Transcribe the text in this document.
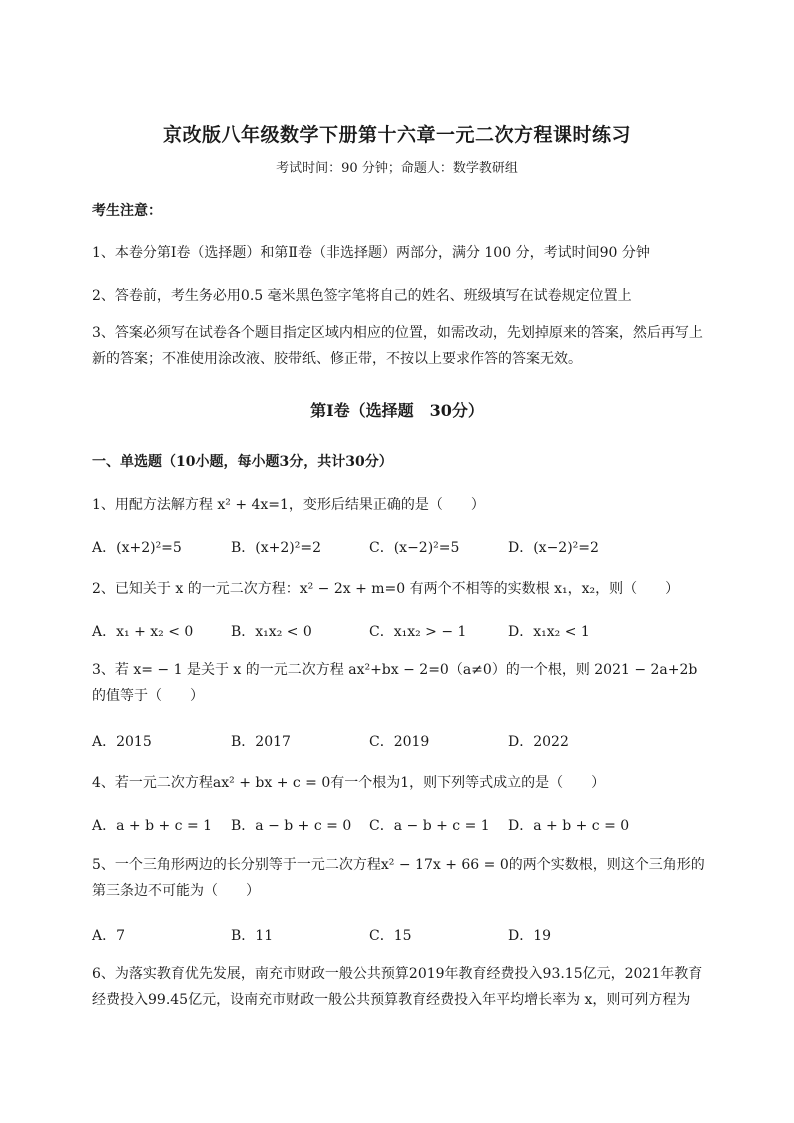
京改版八年级数学下册第十六章一元二次方程课时练习
考试时间：90 分钟；命题人：数学教研组
考生注意：
1、本卷分第Ⅰ卷（选择题）和第Ⅱ卷（非选择题）两部分，满分 100 分，考试时间90 分钟
2、答卷前，考生务必用0.5 毫米黑色签字笔将自己的姓名、班级填写在试卷规定位置上
3、答案必须写在试卷各个题目指定区域内相应的位置，如需改动，先划掉原来的答案，然后再写上新的答案；不准使用涂改液、胶带纸、修正带，不按以上要求作答的答案无效。
第Ⅰ卷（选择题　30分）
一、单选题（10小题，每小题3分，共计30分）
1、用配方法解方程 x² + 4x=1，变形后结果正确的是（　　）
A．(x+2)²=5	B．(x+2)²=2	C．(x−2)²=5	D．(x−2)²=2
2、已知关于 x 的一元二次方程：x² − 2x + m=0 有两个不相等的实数根 x₁，x₂，则（　　）
A．x₁ + x₂ < 0	B．x₁x₂ < 0	C．x₁x₂ > − 1	D．x₁x₂ < 1
3、若 x= − 1 是关于 x 的一元二次方程 ax²+bx − 2=0（a≠0）的一个根，则 2021 − 2a+2b 的值等于（　　）
A．2015	B．2017	C．2019	D．2022
4、若一元二次方程ax² + bx + c = 0有一个根为1，则下列等式成立的是（　　）
A．a + b + c = 1 B．a − b + c = 0 C．a − b + c = 1 D．a + b + c = 0
5、一个三角形两边的长分别等于一元二次方程x² − 17x + 66 = 0的两个实数根，则这个三角形的第三条边不可能为（　　）
A．7	B．11	C．15	D．19
6、为落实教育优先发展，南充市财政一般公共预算2019年教育经费投入93.15亿元，2021年教育经费投入99.45亿元，设南充市财政一般公共预算教育经费投入年平均增长率为 x，则可列方程为
